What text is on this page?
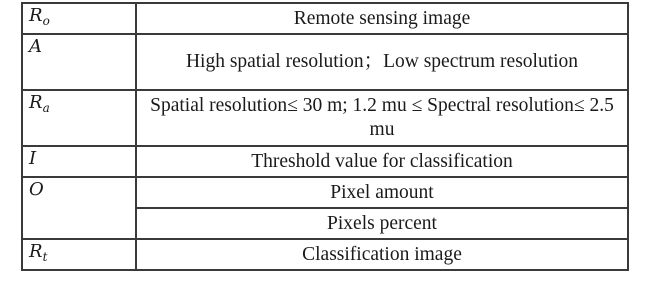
$R_o$	Remote sensing image
A	High spatial resolution；Low spectrum resolution
$R_a$	Spatial resolution≤ 30 m; 1.2 mu ≤ Spectral resolution≤ 2.5 mu
I	Threshold value for classification
O	Pixel amount
	Pixels percent
$R_t$	Classification image
